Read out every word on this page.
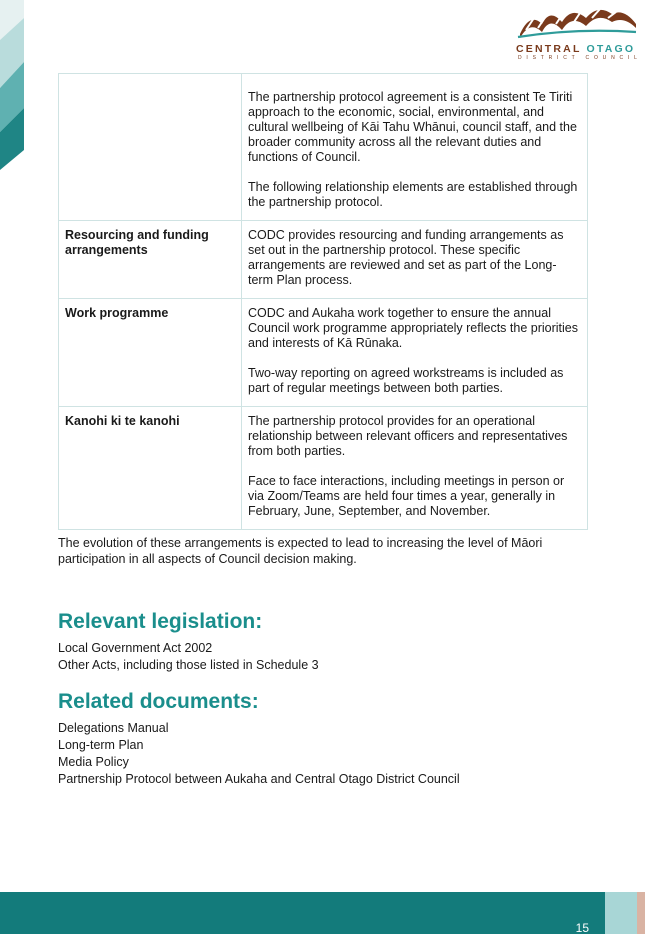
CENTRAL OTAGO
DISTRICT COUNCIL

The partnership protocol agreement is a consistent Te Tiriti approach to the economic, social, environmental, and cultural wellbeing of Kāi Tahu Whānui, council staff, and the broader community across all the relevant duties and functions of Council.

The following relationship elements are established through the partnership protocol.

Resourcing and funding arrangements

CODC provides resourcing and funding arrangements as set out in the partnership protocol. These specific arrangements are reviewed and set as part of the Long-term Plan process.

Work programme	CODC and Aukaha work together to ensure the annual Council work programme appropriately reflects the priorities and interests of Kā Rūnaka.

Two-way reporting on agreed workstreams is included as part of regular meetings between both parties.

Kanohi ki te kanohi	The partnership protocol provides for an operational relationship between relevant officers and representatives from both parties.

Face to face interactions, including meetings in person or via Zoom/Teams are held four times a year, generally in February, June, September, and November.

The evolution of these arrangements is expected to lead to increasing the level of Māori participation in all aspects of Council decision making.

Relevant legislation:
Local Government Act 2002
Other Acts, including those listed in Schedule 3
Related documents:
Delegations Manual
Long-term Plan
Media Policy
Partnership Protocol between Aukaha and Central Otago District Council
15
